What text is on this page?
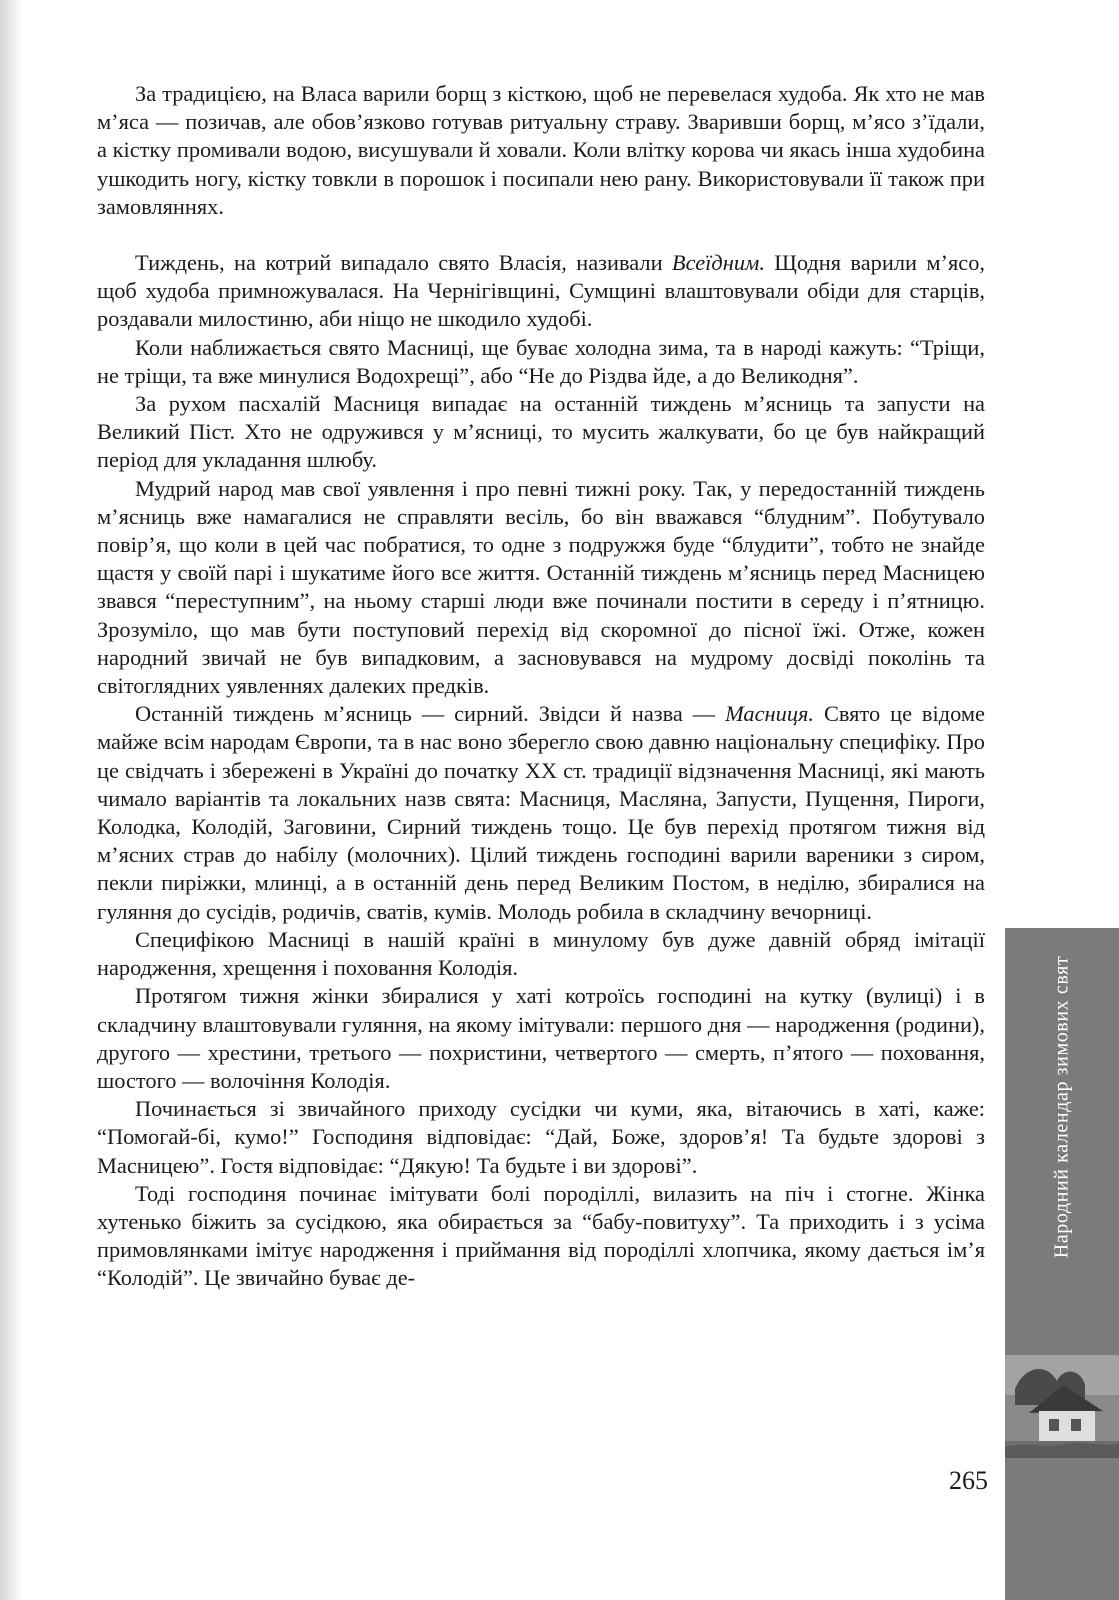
За традицією, на Власа варили борщ з кісткою, щоб не перевелася худоба. Як хто не мав м’яса — позичав, але обов’язково готував ритуальну страву. Зваривши борщ, м’ясо з’їдали, а кістку промивали водою, висушували й ховали. Коли влітку корова чи якась інша худобина ушкодить ногу, кістку товкли в порошок і посипали нею рану. Використовували її також при замовляннях.

Тиждень, на котрий випадало свято Власія, називали Всеїдним. Щодня варили м’ясо, щоб худоба примножувалася. На Чернігівщині, Сумщині влаштовували обіди для старців, роздавали милостиню, аби ніщо не шкодило худобі.

Коли наближається свято Масниці, ще буває холодна зима, та в народі кажуть: “Тріщи, не тріщи, та вже минулися Водохрещі”, або “Не до Різдва йде, а до Великодня”.

За рухом пасхалій Масниця випадає на останній тиждень м’ясниць та запусти на Великий Піст. Хто не одружився у м’ясниці, то мусить жалкувати, бо це був найкращий період для укладання шлюбу.

Мудрий народ мав свої уявлення і про певні тижні року. Так, у передостанній тиждень м’ясниць вже намагалися не справляти весіль, бо він вважався “блудним”. Побутувало повір’я, що коли в цей час побратися, то одне з подружжя буде “блудити”, тобто не знайде щастя у своїй парі і шукатиме його все життя. Останній тиждень м’ясниць перед Масницею звався “переступним”, на ньому старші люди вже починали постити в середу і п’ятницю. Зрозуміло, що мав бути поступовий перехід від скоромної до пісної їжі. Отже, кожен народний звичай не був випадковим, а засновувався на мудрому досвіді поколінь та світоглядних уявленнях далеких предків.

Останній тиждень м’ясниць — сирний. Звідси й назва — Масниця. Свято це відоме майже всім народам Європи, та в нас воно зберегло свою давню національну специфіку. Про це свідчать і збережені в Україні до початку XX ст. традиції відзначення Масниці, які мають чимало варіантів та локальних назв свята: Масниця, Масляна, Запусти, Пущення, Пироги, Колодка, Колодій, Заговини, Сирний тиждень тощо. Це був перехід протягом тижня від м’ясних страв до набілу (молочних). Цілий тиждень господині варили вареники з сиром, пекли пиріжки, млинці, а в останній день перед Великим Постом, в неділю, збиралися на гуляння до сусідів, родичів, сватів, кумів. Молодь робила в складчину вечорниці.

Специфікою Масниці в нашій країні в минулому був дуже давній обряд імітації народження, хрещення і поховання Колодія.

Протягом тижня жінки збиралися у хаті котроїсь господині на кутку (вулиці) і в складчину влаштовували гуляння, на якому імітували: першого дня — народження (родини), другого — хрестини, третього — похристини, четвертого — смерть, п’ятого — поховання, шостого — волочіння Колодія.

Починається зі звичайного приходу сусідки чи куми, яка, вітаючись в хаті, каже: “Помогай-бі, кумо!” Господиня відповідає: “Дай, Боже, здоров’я! Та будьте здорові з Масницею”. Гостя відповідає: “Дякую! Та будьте і ви здорові”.

Тоді господиня починає імітувати болі породіллі, вилазить на піч і стогне. Жінка хутенько біжить за сусідкою, яка обирається за “бабу-повитуху”. Та приходить і з усіма примовлянками імітує народження і приймання від породіллі хлопчика, якому дається ім’я “Колодій”. Це звичайно буває де-

Народний календар зимових свят
265
